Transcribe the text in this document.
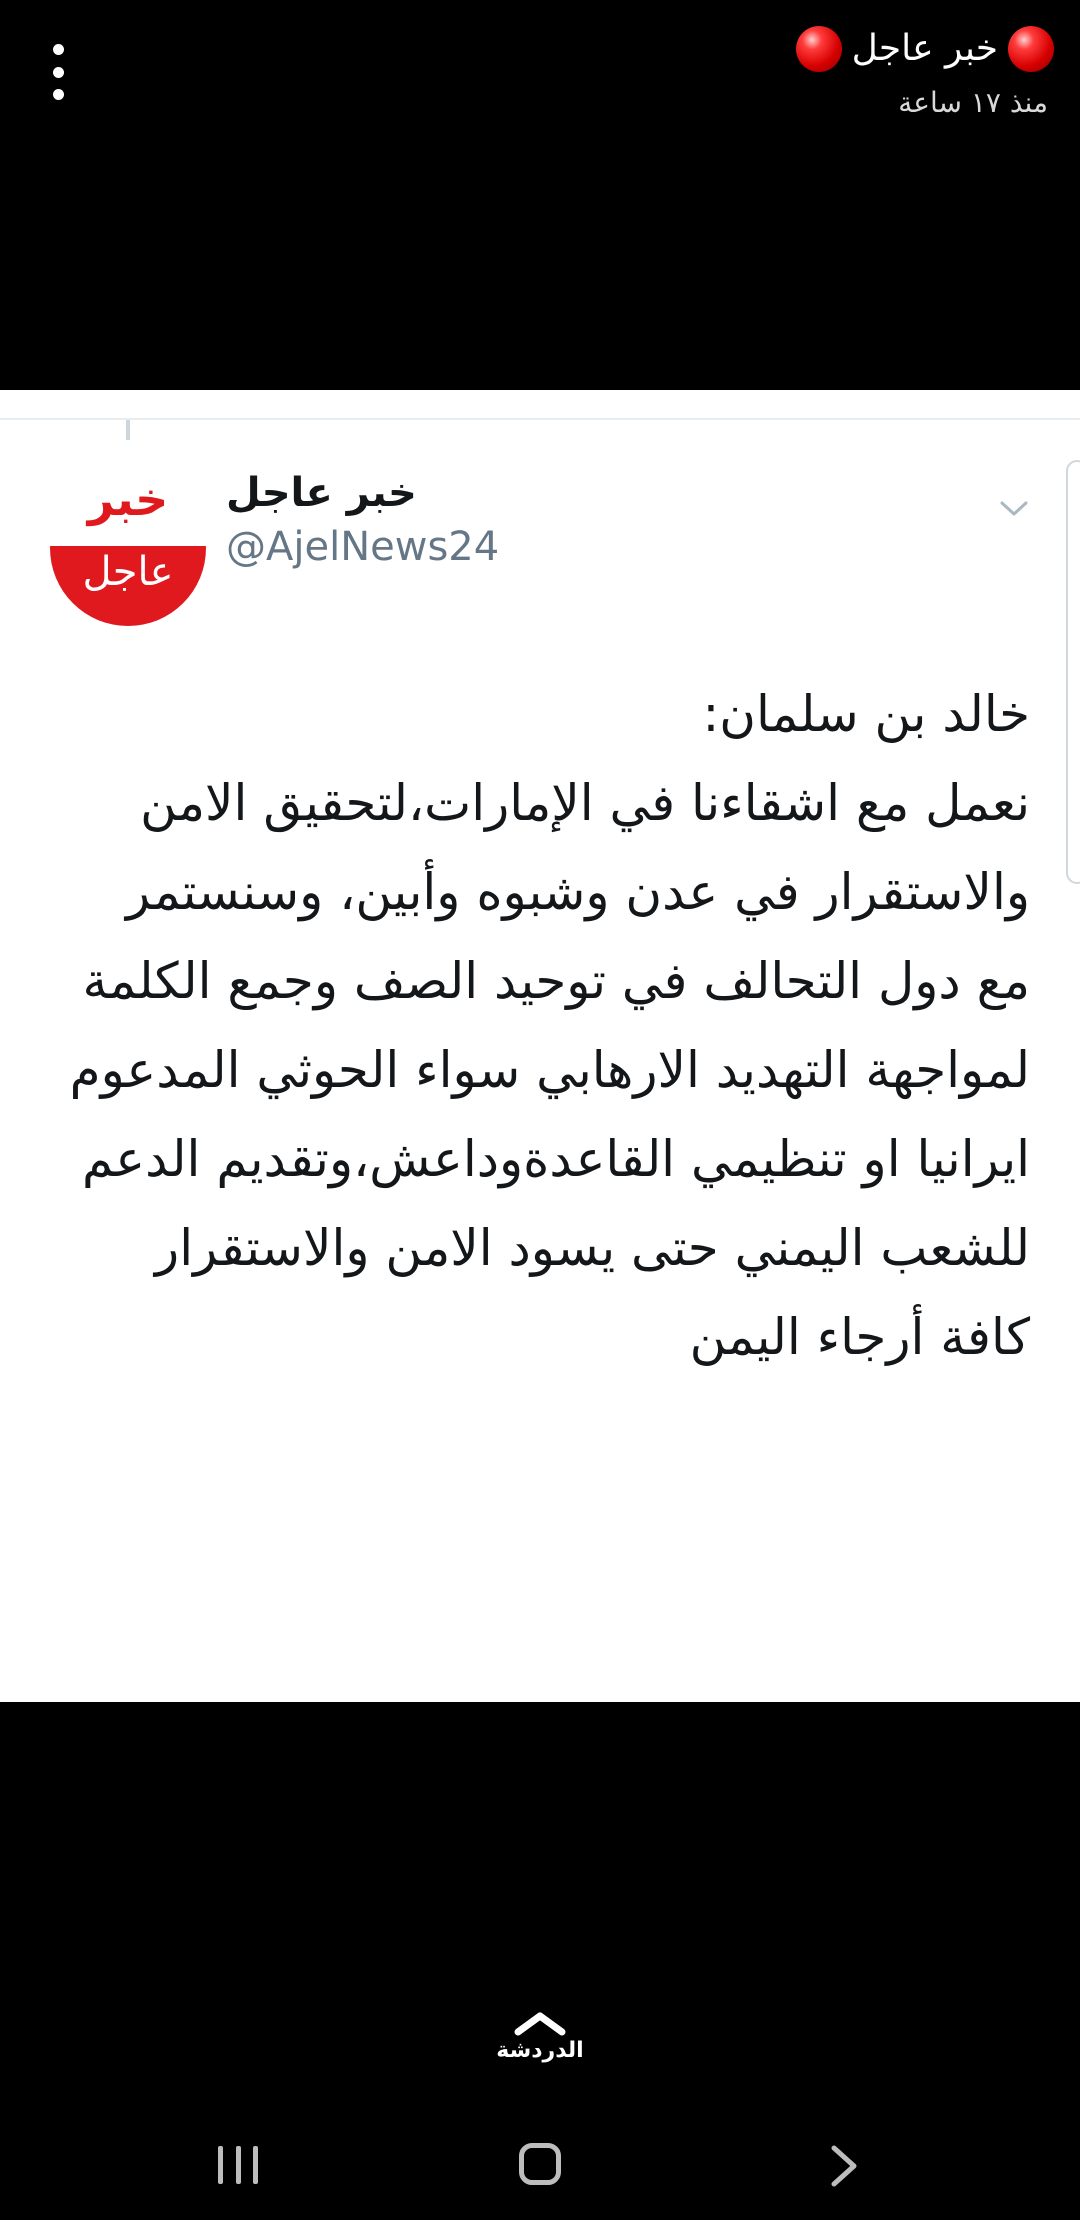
خبر عاجل
منذ ١٧ ساعة
خبر
عاجل
خبر عاجل
@AjelNews24
خالد بن سلمان:
نعمل مع اشقاءنا في الإمارات،لتحقيق الامن والاستقرار في عدن وشبوه وأبين، وسنستمر مع دول التحالف في توحيد الصف وجمع الكلمة لمواجهة التهديد الارهابي سواء الحوثي المدعوم ايرانيا او تنظيمي القاعدةوداعش،وتقديم الدعم للشعب اليمني حتى يسود الامن والاستقرار كافة أرجاء اليمن
الدردشة
